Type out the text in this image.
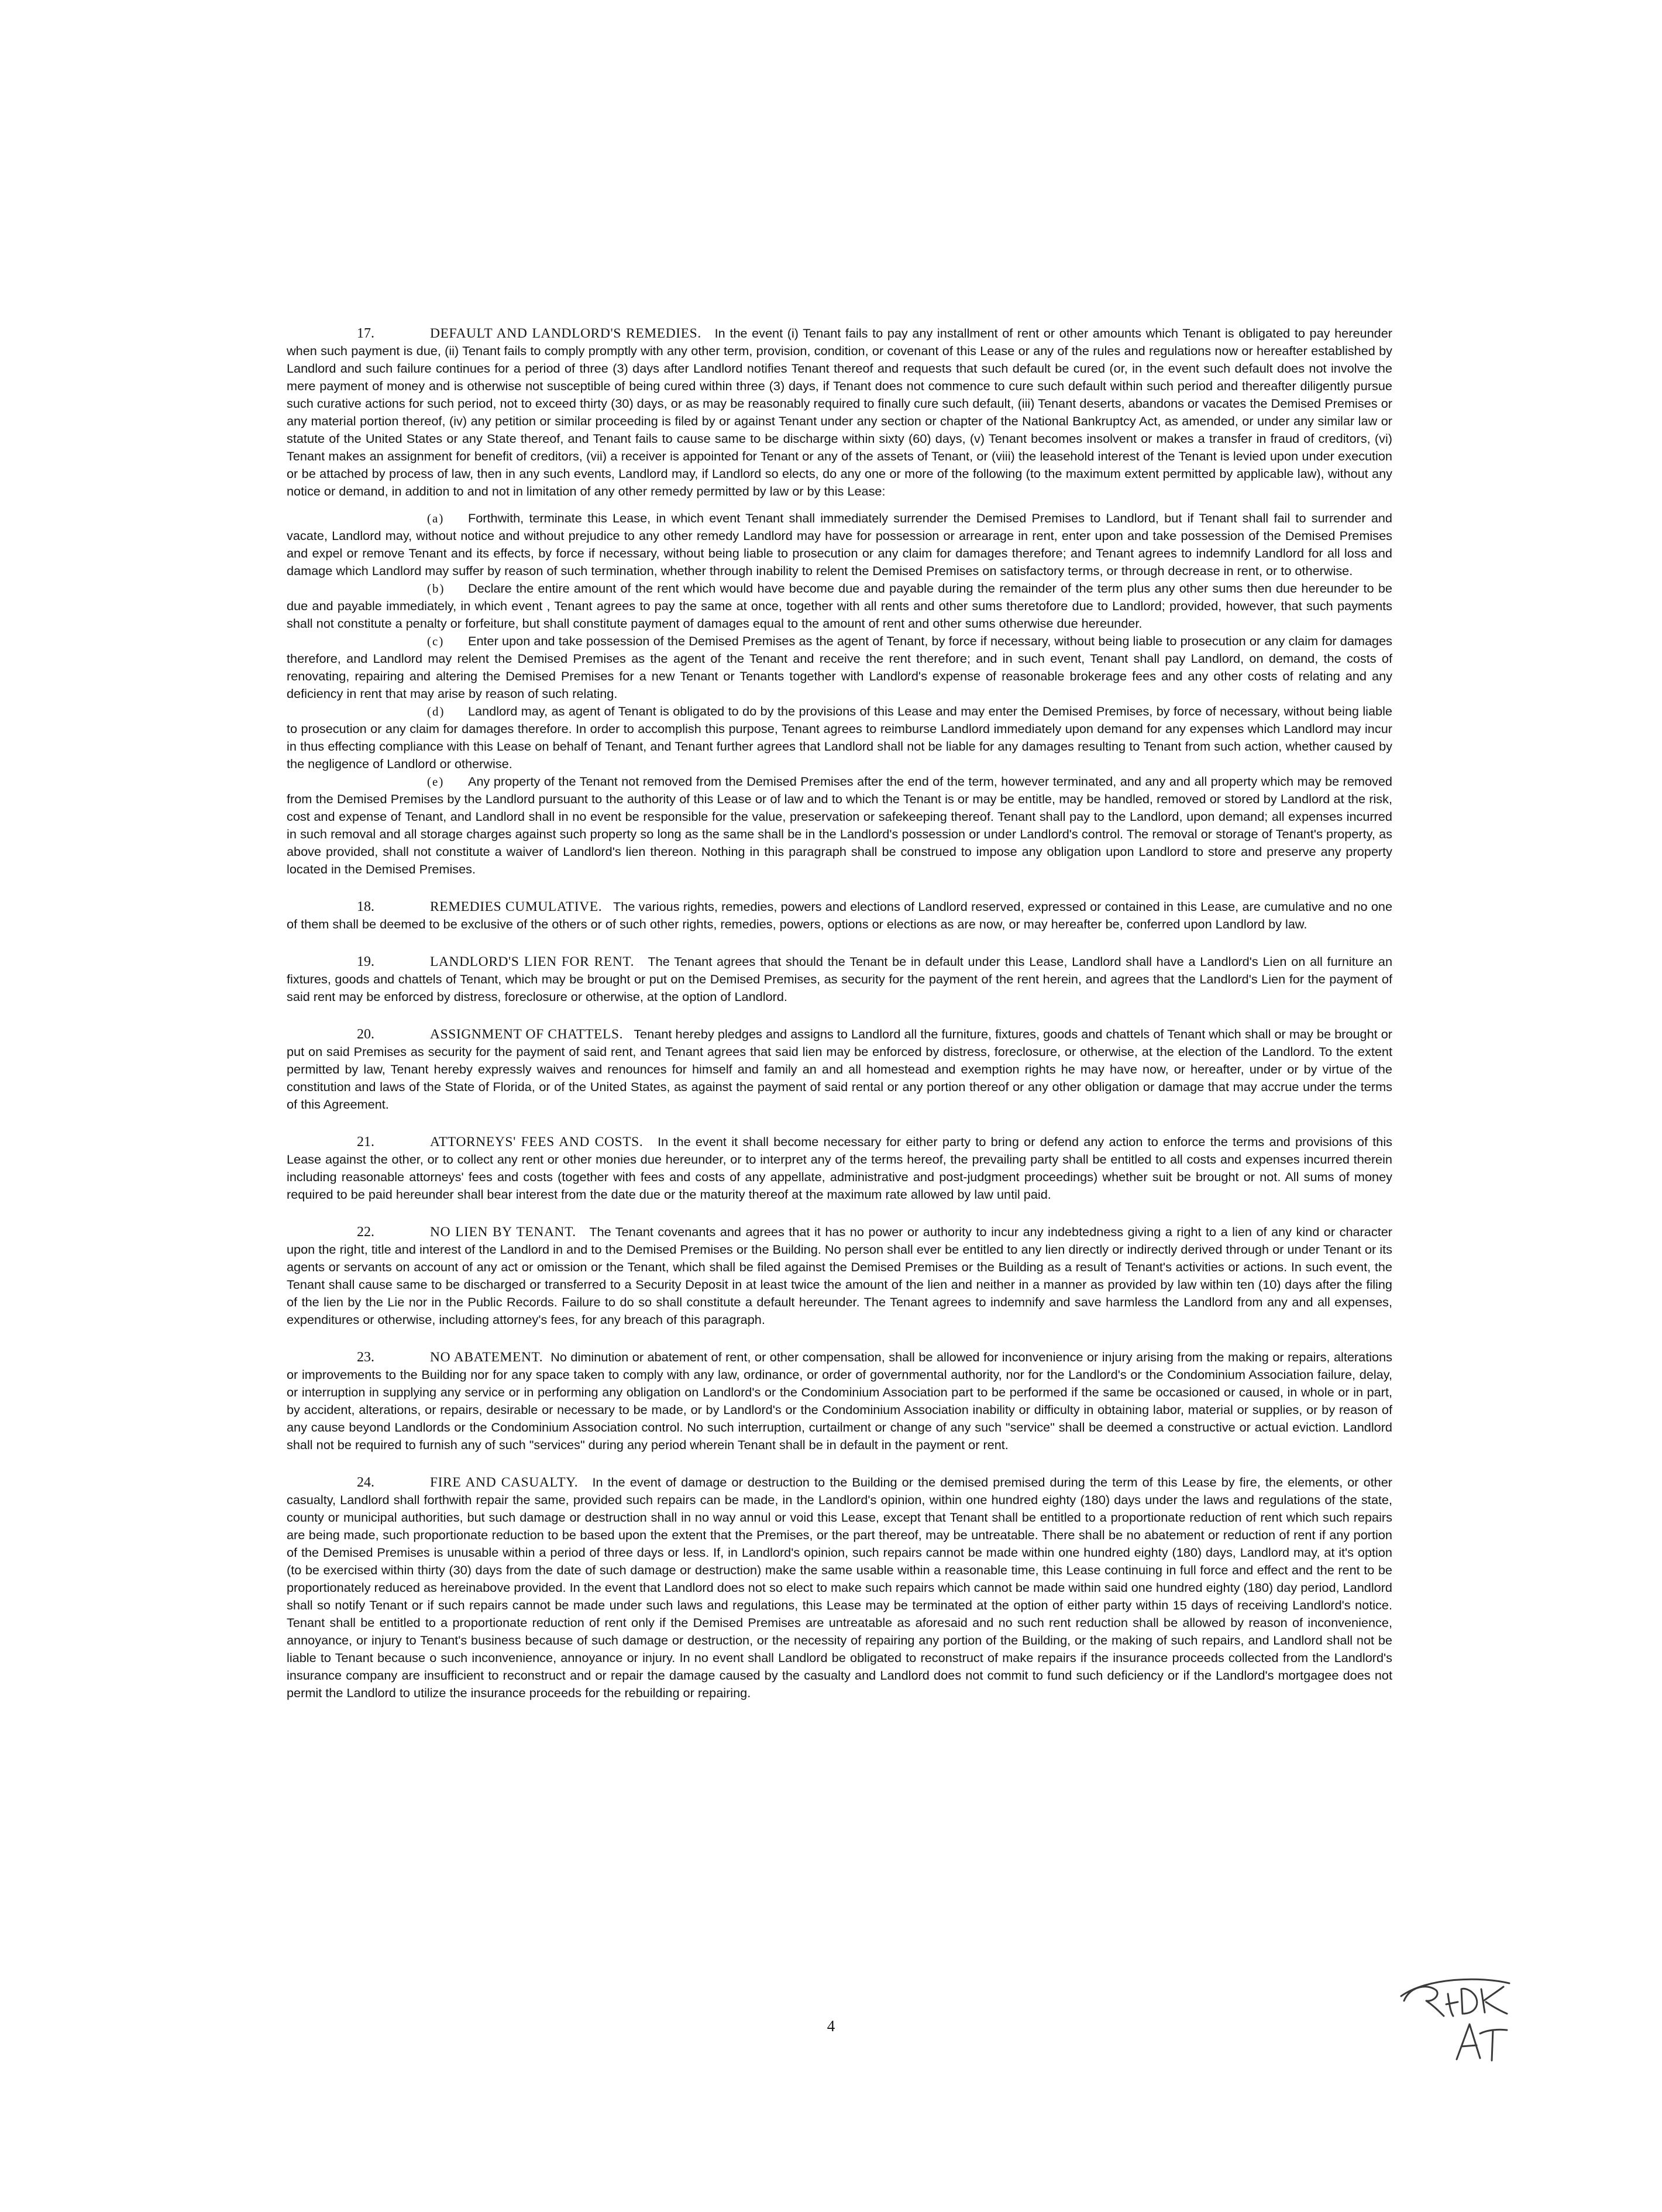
17.	DEFAULT AND LANDLORD'S REMEDIES. In the event (i) Tenant fails to pay any installment of rent or other amounts which Tenant is obligated to pay hereunder when such payment is due, (ii) Tenant fails to comply promptly with any other term, provision, condition, or covenant of this Lease or any of the rules and regulations now or hereafter established by Landlord and such failure continues for a period of three (3) days after Landlord notifies Tenant thereof and requests that such default be cured (or, in the event such default does not involve the mere payment of money and is otherwise not susceptible of being cured within three (3) days, if Tenant does not commence to cure such default within such period and thereafter diligently pursue such curative actions for such period, not to exceed thirty (30) days, or as may be reasonably required to finally cure such default, (iii) Tenant deserts, abandons or vacates the Demised Premises or any material portion thereof, (iv) any petition or similar proceeding is filed by or against Tenant under any section or chapter of the National Bankruptcy Act, as amended, or under any similar law or statute of the United States or any State thereof, and Tenant fails to cause same to be discharge within sixty (60) days, (v) Tenant becomes insolvent or makes a transfer in fraud of creditors, (vi) Tenant makes an assignment for benefit of creditors, (vii) a receiver is appointed for Tenant or any of the assets of Tenant, or (viii) the leasehold interest of the Tenant is levied upon under execution or be attached by process of law, then in any such events, Landlord may, if Landlord so elects, do any one or more of the following (to the maximum extent permitted by applicable law), without any notice or demand, in addition to and not in limitation of any other remedy permitted by law or by this Lease:

(a) Forthwith, terminate this Lease, in which event Tenant shall immediately surrender the Demised Premises to Landlord, but if Tenant shall fail to surrender and vacate, Landlord may, without notice and without prejudice to any other remedy Landlord may have for possession or arrearage in rent, enter upon and take possession of the Demised Premises and expel or remove Tenant and its effects, by force if necessary, without being liable to prosecution or any claim for damages therefore; and Tenant agrees to indemnify Landlord for all loss and damage which Landlord may suffer by reason of such termination, whether through inability to relent the Demised Premises on satisfactory terms, or through decrease in rent, or to otherwise.

(b) Declare the entire amount of the rent which would have become due and payable during the remainder of the term plus any other sums then due hereunder to be due and payable immediately, in which event , Tenant agrees to pay the same at once, together with all rents and other sums theretofore due to Landlord; provided, however, that such payments shall not constitute a penalty or forfeiture, but shall constitute payment of damages equal to the amount of rent and other sums otherwise due hereunder.

(c) Enter upon and take possession of the Demised Premises as the agent of Tenant, by force if necessary, without being liable to prosecution or any claim for damages therefore, and Landlord may relent the Demised Premises as the agent of the Tenant and receive the rent therefore; and in such event, Tenant shall pay Landlord, on demand, the costs of renovating, repairing and altering the Demised Premises for a new Tenant or Tenants together with Landlord's expense of reasonable brokerage fees and any other costs of relating and any deficiency in rent that may arise by reason of such relating.

(d) Landlord may, as agent of Tenant is obligated to do by the provisions of this Lease and may enter the Demised Premises, by force of necessary, without being liable to prosecution or any claim for damages therefore. In order to accomplish this purpose, Tenant agrees to reimburse Landlord immediately upon demand for any expenses which Landlord may incur in thus effecting compliance with this Lease on behalf of Tenant, and Tenant further agrees that Landlord shall not be liable for any damages resulting to Tenant from such action, whether caused by the negligence of Landlord or otherwise.

(e) Any property of the Tenant not removed from the Demised Premises after the end of the term, however terminated, and any and all property which may be removed from the Demised Premises by the Landlord pursuant to the authority of this Lease or of law and to which the Tenant is or may be entitle, may be handled, removed or stored by Landlord at the risk, cost and expense of Tenant, and Landlord shall in no event be responsible for the value, preservation or safekeeping thereof. Tenant shall pay to the Landlord, upon demand; all expenses incurred in such removal and all storage charges against such property so long as the same shall be in the Landlord's possession or under Landlord's control. The removal or storage of Tenant's property, as above provided, shall not constitute a waiver of Landlord's lien thereon. Nothing in this paragraph shall be construed to impose any obligation upon Landlord to store and preserve any property located in the Demised Premises.

18.	REMEDIES CUMULATIVE. The various rights, remedies, powers and elections of Landlord reserved, expressed or contained in this Lease, are cumulative and no one of them shall be deemed to be exclusive of the others or of such other rights, remedies, powers, options or elections as are now, or may hereafter be, conferred upon Landlord by law.

19.	LANDLORD'S LIEN FOR RENT. The Tenant agrees that should the Tenant be in default under this Lease, Landlord shall have a Landlord's Lien on all furniture an fixtures, goods and chattels of Tenant, which may be brought or put on the Demised Premises, as security for the payment of the rent herein, and agrees that the Landlord's Lien for the payment of said rent may be enforced by distress, foreclosure or otherwise, at the option of Landlord.

20.	ASSIGNMENT OF CHATTELS. Tenant hereby pledges and assigns to Landlord all the furniture, fixtures, goods and chattels of Tenant which shall or may be brought or put on said Premises as security for the payment of said rent, and Tenant agrees that said lien may be enforced by distress, foreclosure, or otherwise, at the election of the Landlord. To the extent permitted by law, Tenant hereby expressly waives and renounces for himself and family an and all homestead and exemption rights he may have now, or hereafter, under or by virtue of the constitution and laws of the State of Florida, or of the United States, as against the payment of said rental or any portion thereof or any other obligation or damage that may accrue under the terms of this Agreement.

21.	ATTORNEYS' FEES AND COSTS. In the event it shall become necessary for either party to bring or defend any action to enforce the terms and provisions of this Lease against the other, or to collect any rent or other monies due hereunder, or to interpret any of the terms hereof, the prevailing party shall be entitled to all costs and expenses incurred therein including reasonable attorneys' fees and costs (together with fees and costs of any appellate, administrative and post-judgment proceedings) whether suit be brought or not. All sums of money required to be paid hereunder shall bear interest from the date due or the maturity thereof at the maximum rate allowed by law until paid.

22.	NO LIEN BY TENANT. The Tenant covenants and agrees that it has no power or authority to incur any indebtedness giving a right to a lien of any kind or character upon the right, title and interest of the Landlord in and to the Demised Premises or the Building. No person shall ever be entitled to any lien directly or indirectly derived through or under Tenant or its agents or servants on account of any act or omission or the Tenant, which shall be filed against the Demised Premises or the Building as a result of Tenant's activities or actions. In such event, the Tenant shall cause same to be discharged or transferred to a Security Deposit in at least twice the amount of the lien and neither in a manner as provided by law within ten (10) days after the filing of the lien by the Lie nor in the Public Records. Failure to do so shall constitute a default hereunder. The Tenant agrees to indemnify and save harmless the Landlord from any and all expenses, expenditures or otherwise, including attorney's fees, for any breach of this paragraph.

23.	NO ABATEMENT. No diminution or abatement of rent, or other compensation, shall be allowed for inconvenience or injury arising from the making or repairs, alterations or improvements to the Building nor for any space taken to comply with any law, ordinance, or order of governmental authority, nor for the Landlord's or the Condominium Association failure, delay, or interruption in supplying any service or in performing any obligation on Landlord's or the Condominium Association part to be performed if the same be occasioned or caused, in whole or in part, by accident, alterations, or repairs, desirable or necessary to be made, or by Landlord's or the Condominium Association inability or difficulty in obtaining labor, material or supplies, or by reason of any cause beyond Landlords or the Condominium Association control. No such interruption, curtailment or change of any such "service" shall be deemed a constructive or actual eviction. Landlord shall not be required to furnish any of such "services" during any period wherein Tenant shall be in default in the payment or rent.

24.	FIRE AND CASUALTY. In the event of damage or destruction to the Building or the demised premised during the term of this Lease by fire, the elements, or other casualty, Landlord shall forthwith repair the same, provided such repairs can be made, in the Landlord's opinion, within one hundred eighty (180) days under the laws and regulations of the state, county or municipal authorities, but such damage or destruction shall in no way annul or void this Lease, except that Tenant shall be entitled to a proportionate reduction of rent which such repairs are being made, such proportionate reduction to be based upon the extent that the Premises, or the part thereof, may be untreatable. There shall be no abatement or reduction of rent if any portion of the Demised Premises is unusable within a period of three days or less. If, in Landlord's opinion, such repairs cannot be made within one hundred eighty (180) days, Landlord may, at it's option (to be exercised within thirty (30) days from the date of such damage or destruction) make the same usable within a reasonable time, this Lease continuing in full force and effect and the rent to be proportionately reduced as hereinabove provided. In the event that Landlord does not so elect to make such repairs which cannot be made within said one hundred eighty (180) day period, Landlord shall so notify Tenant or if such repairs cannot be made under such laws and regulations, this Lease may be terminated at the option of either party within 15 days of receiving Landlord's notice. Tenant shall be entitled to a proportionate reduction of rent only if the Demised Premises are untreatable as aforesaid and no such rent reduction shall be allowed by reason of inconvenience, annoyance, or injury to Tenant's business because of such damage or destruction, or the necessity of repairing any portion of the Building, or the making of such repairs, and Landlord shall not be liable to Tenant because o such inconvenience, annoyance or injury. In no event shall Landlord be obligated to reconstruct of make repairs if the insurance proceeds collected from the Landlord's insurance company are insufficient to reconstruct and or repair the damage caused by the casualty and Landlord does not commit to fund such deficiency or if the Landlord's mortgagee does not permit the Landlord to utilize the insurance proceeds for the rebuilding or repairing.

4
